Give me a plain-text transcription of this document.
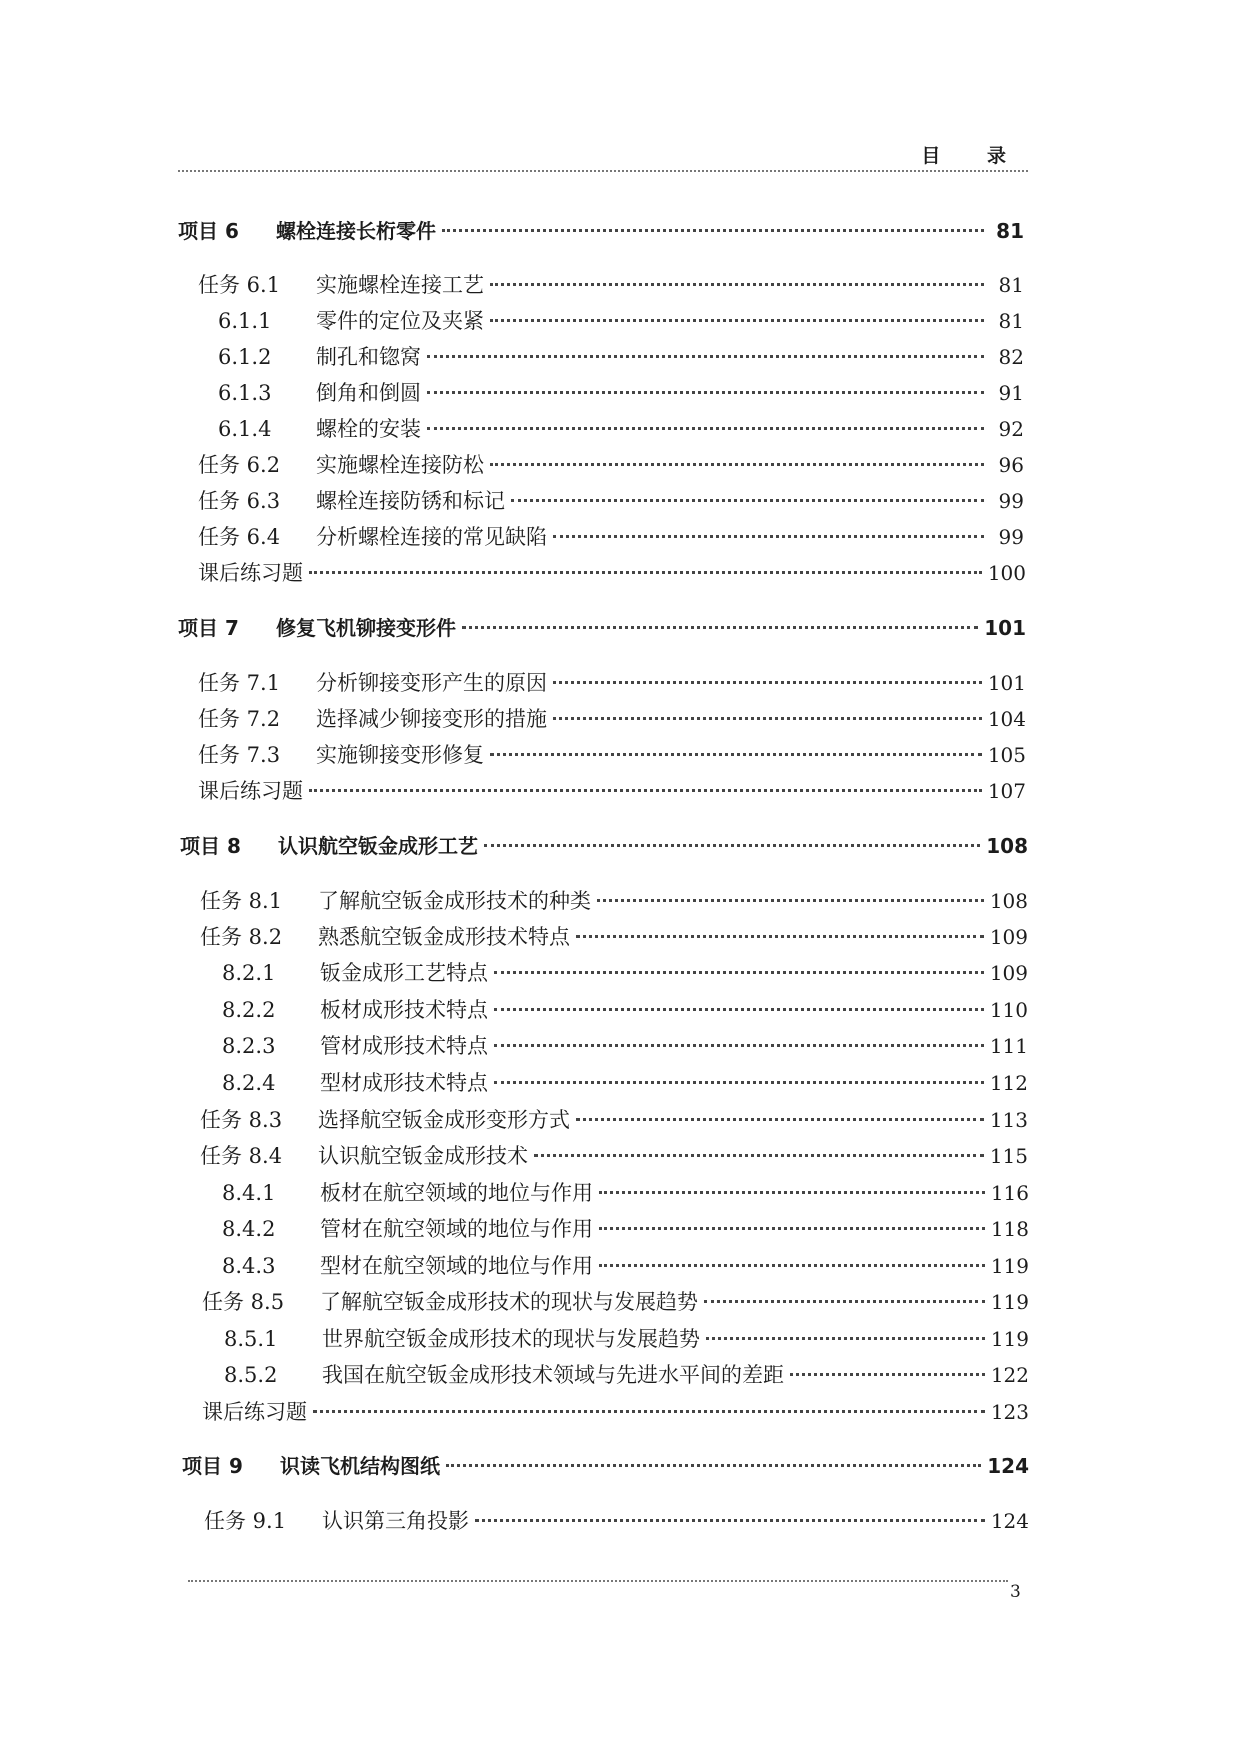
目 录
项目 6	螺栓连接长桁零件	81
任务 6.1	实施螺栓连接工艺	81
6.1.1	零件的定位及夹紧	81
6.1.2	制孔和锪窝	82
6.1.3	倒角和倒圆	91
6.1.4	螺栓的安装	92
任务 6.2	实施螺栓连接防松	96
任务 6.3	螺栓连接防锈和标记	99
任务 6.4	分析螺栓连接的常见缺陷	99
课后练习题	100
项目 7	修复飞机铆接变形件	101
任务 7.1	分析铆接变形产生的原因	101
任务 7.2	选择减少铆接变形的措施	104
任务 7.3	实施铆接变形修复	105
课后练习题	107
项目 8	认识航空钣金成形工艺	108
任务 8.1	了解航空钣金成形技术的种类	108
任务 8.2	熟悉航空钣金成形技术特点	109
8.2.1	钣金成形工艺特点	109
8.2.2	板材成形技术特点	110
8.2.3	管材成形技术特点	111
8.2.4	型材成形技术特点	112
任务 8.3	选择航空钣金成形变形方式	113
任务 8.4	认识航空钣金成形技术	115
8.4.1	板材在航空领域的地位与作用	116
8.4.2	管材在航空领域的地位与作用	118
8.4.3	型材在航空领域的地位与作用	119
任务 8.5	了解航空钣金成形技术的现状与发展趋势	119
8.5.1	世界航空钣金成形技术的现状与发展趋势	119
8.5.2	我国在航空钣金成形技术领域与先进水平间的差距	122
课后练习题	123
项目 9	识读飞机结构图纸	124
任务 9.1	认识第三角投影	124
3
